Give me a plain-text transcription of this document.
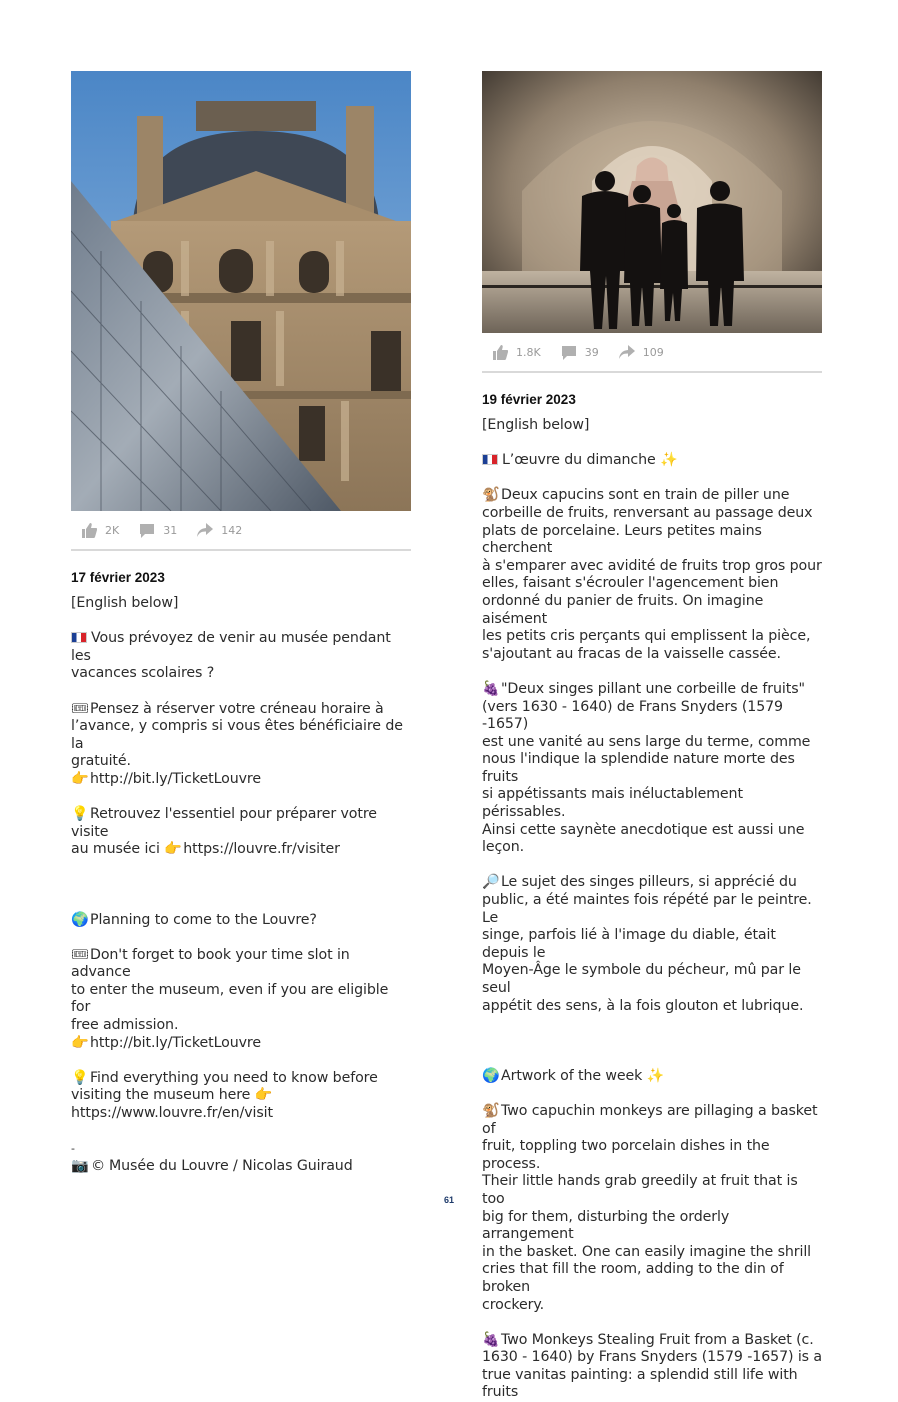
2K	31	142
17 février 2023

[English below]

Vous prévoyez de venir au musée pendant les

vacances scolaires ?

🎟Pensez à réserver votre créneau horaire à

l’avance, y compris si vous êtes bénéficiaire de la

gratuité.

👉http://bit.ly/TicketLouvre

💡Retrouvez l'essentiel pour préparer votre visite

au musée ici 👉https://louvre.fr/visiter

🌍Planning to come to the Louvre?

🎟Don't forget to book your time slot in advance

to enter the museum, even if you are eligible for

free admission.

👉http://bit.ly/TicketLouvre

💡Find everything you need to know before

visiting the museum here 👉

https://www.louvre.fr/en/visit

-

📷 © Musée du Louvre / Nicolas Guiraud

1.8K	39	109
19 février 2023

[English below]

L’œuvre du dimanche ✨

🐒Deux capucins sont en train de piller une

corbeille de fruits, renversant au passage deux

plats de porcelaine. Leurs petites mains cherchent

à s'emparer avec avidité de fruits trop gros pour

elles, faisant s'écrouler l'agencement bien

ordonné du panier de fruits. On imagine aisément

les petits cris perçants qui emplissent la pièce,

s'ajoutant au fracas de la vaisselle cassée.

🍇"Deux singes pillant une corbeille de fruits"

(vers 1630 - 1640) de Frans Snyders (1579 -1657)

est une vanité au sens large du terme, comme

nous l'indique la splendide nature morte des fruits

si appétissants mais inéluctablement périssables.

Ainsi cette saynète anecdotique est aussi une

leçon.

🔎Le sujet des singes pilleurs, si apprécié du

public, a été maintes fois répété par le peintre. Le

singe, parfois lié à l'image du diable, était depuis le

Moyen-Âge le symbole du pécheur, mû par le seul

appétit des sens, à la fois glouton et lubrique.

🌍Artwork of the week ✨

🐒Two capuchin monkeys are pillaging a basket of

fruit, toppling two porcelain dishes in the process.

Their little hands grab greedily at fruit that is too

big for them, disturbing the orderly arrangement

in the basket. One can easily imagine the shrill

cries that fill the room, adding to the din of broken

crockery.

🍇Two Monkeys Stealing Fruit from a Basket (c.

1630 - 1640) by Frans Snyders (1579 -1657) is a

true vanitas painting: a splendid still life with fruits

61
